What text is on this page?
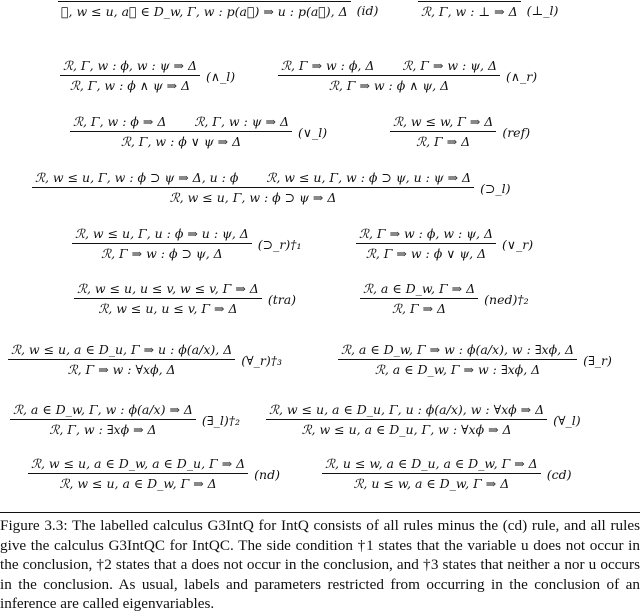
ℛ, w ≤ u, a⃗ ∈ D_w, Γ, w : p(a⃗) ⇒ u : p(a⃗), Δ (id)	ℛ, Γ, w : ⊥ ⇒ Δ (⊥_l)
$\frac{\text{ℛ, Γ, w : ϕ, w : ψ ⇒ Δ}}{\text{ℛ, Γ, w : ϕ ∧ ψ ⇒ Δ}}$ (∧_l)	$\frac{\text{ℛ, Γ ⇒ w : ϕ, Δ ℛ, Γ ⇒ w : ψ, Δ}}{\text{ℛ, Γ ⇒ w : ϕ ∧ ψ, Δ}}$ (∧_r)
$\frac{\text{ℛ, Γ, w : ϕ ⇒ Δ ℛ, Γ, w : ψ ⇒ Δ}}{\text{ℛ, Γ, w : ϕ ∨ ψ ⇒ Δ}}$ (∨_l)	$\frac{\text{ℛ, w ≤ w, Γ ⇒ Δ}}{\text{ℛ, Γ ⇒ Δ}} (ref)$
ℛ, w ≤ u, Γ, w : ϕ ⊃ ψ ⇒ Δ, u : ϕ ℛ, w ≤ u, Γ, w : ϕ ⊃ ψ, u : ψ ⇒ Δ
ℛ, w ≤ u, Γ, w : ϕ ⊃ ψ ⇒ Δ
(⊃_l)
$\frac{\text{ℛ, w ≤ u, Γ, u : ϕ ⇒ u : ψ, Δ}}{\text{ℛ, Γ ⇒ w : ϕ ⊃ ψ, Δ}}$ (⊃_r)†₁	$\frac{\text{ℛ, Γ ⇒ w : ϕ, w : ψ, Δ}}{\text{ℛ, Γ ⇒ w : ϕ ∨ ψ, Δ}}$ (∨_r)
$\frac{\text{ℛ, w ≤ u, u ≤ v, w ≤ v, Γ ⇒ Δ}}{\text{ℛ, w ≤ u, u ≤ v, Γ ⇒ Δ}} (tra)$	$\frac{\text{ℛ, a ∈ D\_w, Γ ⇒ Δ}}{\text{ℛ, Γ ⇒ Δ}}$ (ned)†₂
$\frac{\text{ℛ, w ≤ u, a ∈ D\_u, Γ ⇒ u : ϕ(a/x), Δ}}{\text{ℛ, Γ ⇒ w : ∀xϕ, Δ}}$ (∀_r)†₃	$\frac{\text{ℛ, a ∈ D\_w, Γ ⇒ w : ϕ(a/x), w : ∃xϕ, Δ}}{\text{ℛ, a ∈ D\_w, Γ ⇒ w : ∃xϕ, Δ}}$ (∃_r)
$\frac{\text{ℛ, a ∈ D\_w, Γ, w : ϕ(a/x) ⇒ Δ}}{\text{ℛ, Γ, w : ∃xϕ ⇒ Δ}}$ (∃_l)†₂ $\frac{\text{ℛ, w ≤ u, a ∈ D\_u, Γ, u : ϕ(a/x), w : ∀xϕ ⇒ Δ}}{\text{ℛ, w ≤ u, a ∈ D\_u, Γ, w : ∀xϕ ⇒ Δ}}$ (∀_l)
$\frac{\text{ℛ, w ≤ u, a ∈ D\_w, a ∈ D\_u, Γ ⇒ Δ}}{\text{ℛ, w ≤ u, a ∈ D\_w, Γ ⇒ Δ}} (nd)$	$\frac{\text{ℛ, u ≤ w, a ∈ D\_u, a ∈ D\_w, Γ ⇒ Δ}}{\text{ℛ, u ≤ w, a ∈ D\_w, Γ ⇒ Δ}} (cd)$
Figure 3.3: The labelled calculus G3IntQ for IntQ consists of all rules minus the (cd) rule, and all rules give the calculus G3IntQC for IntQC. The side condition †1 states that the variable u does not occur in the conclusion, †2 states that a does not occur in the conclusion, and †3 states that neither a nor u occurs in the conclusion. As usual, labels and parameters restricted from occurring in the conclusion of an inference are called eigenvariables.
